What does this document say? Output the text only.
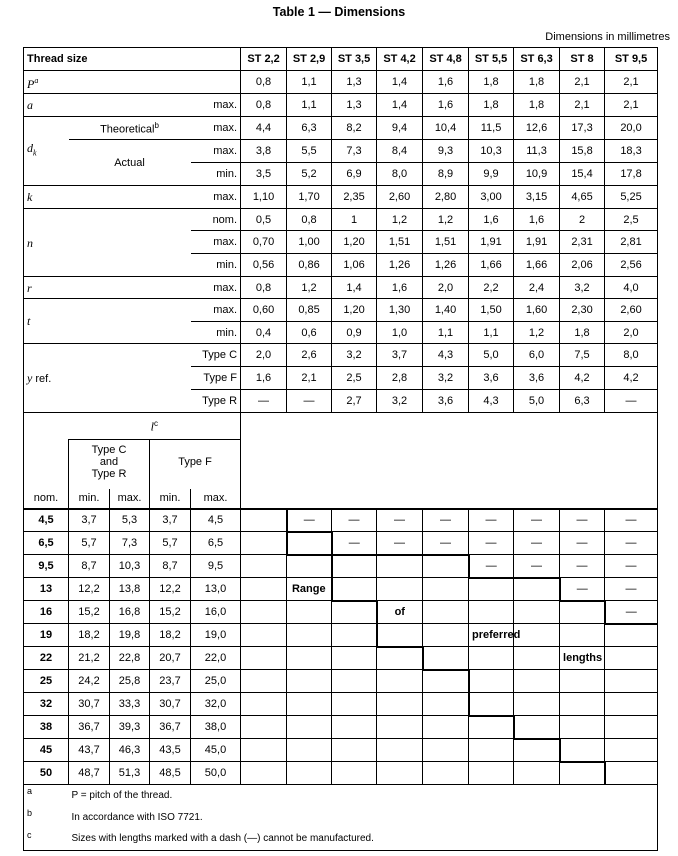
Table 1 — Dimensions
Dimensions in millimetres
Thread size					ST 2,2	ST 2,9	ST 3,5	ST 4,2	ST 4,8	ST 5,5	ST 6,3	ST 8	ST 9,5
$P^a$					0,8	1,1	1,3	1,4	1,6	1,8	1,8	2,1	2,1
a				max.	0,8	1,1	1,3	1,4	1,6	1,8	1,8	2,1	2,1
$d_k$	Theoretical$^b$			max.	4,4	6,3	8,2	9,4	10,4	11,5	12,6	17,3	20,0
	Actual			max.	3,8	5,5	7,3	8,4	9,3	10,3	11,3	15,8	18,3
				min.	3,5	5,2	6,9	8,0	8,9	9,9	10,9	15,4	17,8
k				max.	1,10	1,70	2,35	2,60	2,80	3,00	3,15	4,65	5,25
n				nom.	0,5	0,8	1	1,2	1,2	1,6	1,6	2	2,5
				max.	0,70	1,00	1,20	1,51	1,51	1,91	1,91	2,31	2,81
				min.	0,56	0,86	1,06	1,26	1,26	1,66	1,66	2,06	2,56
r				max.	0,8	1,2	1,4	1,6	2,0	2,2	2,4	3,2	4,0
t				max.	0,60	0,85	1,20	1,30	1,40	1,50	1,60	2,30	2,60
				min.	0,4	0,6	0,9	1,0	1,1	1,1	1,2	1,8	2,0
y ref.				Type C	2,0	2,6	3,2	3,7	4,3	5,0	6,0	7,5	8,0
				Type F	1,6	2,1	2,5	2,8	3,2	3,6	3,6	4,2	4,2
				Type R	—	—	2,7	3,2	3,6	4,3	5,0	6,3	—
	$l^c$	

	Type C
and
Type R		Type F										

nom.	min.	max.	min.	max.									
4,5	3,7	5,3	3,7	4,5		—	—	—	—	—	—	—	—
6,5	5,7	7,3	5,7	6,5			—	—	—	—	—	—	—
9,5	8,7	10,3	8,7	9,5						—	—	—	—
13	12,2	13,8	12,2	13,0		Range						—	—
16	15,2	16,8	15,2	16,0				of					—
19	18,2	19,8	18,2	19,0						preferred			
22	21,2	22,8	20,7	22,0								lengths	
25	24,2	25,8	23,7	25,0									
32	30,7	33,3	30,7	32,0									
38	36,7	39,3	36,7	38,0									
45	43,7	46,3	43,5	45,0									
50	48,7	51,3	48,5	50,0									
a	P = pitch of the thread.												
b	In accordance with ISO 7721.												
c	Sizes with lengths marked with a dash (—) cannot be manufactured.												
